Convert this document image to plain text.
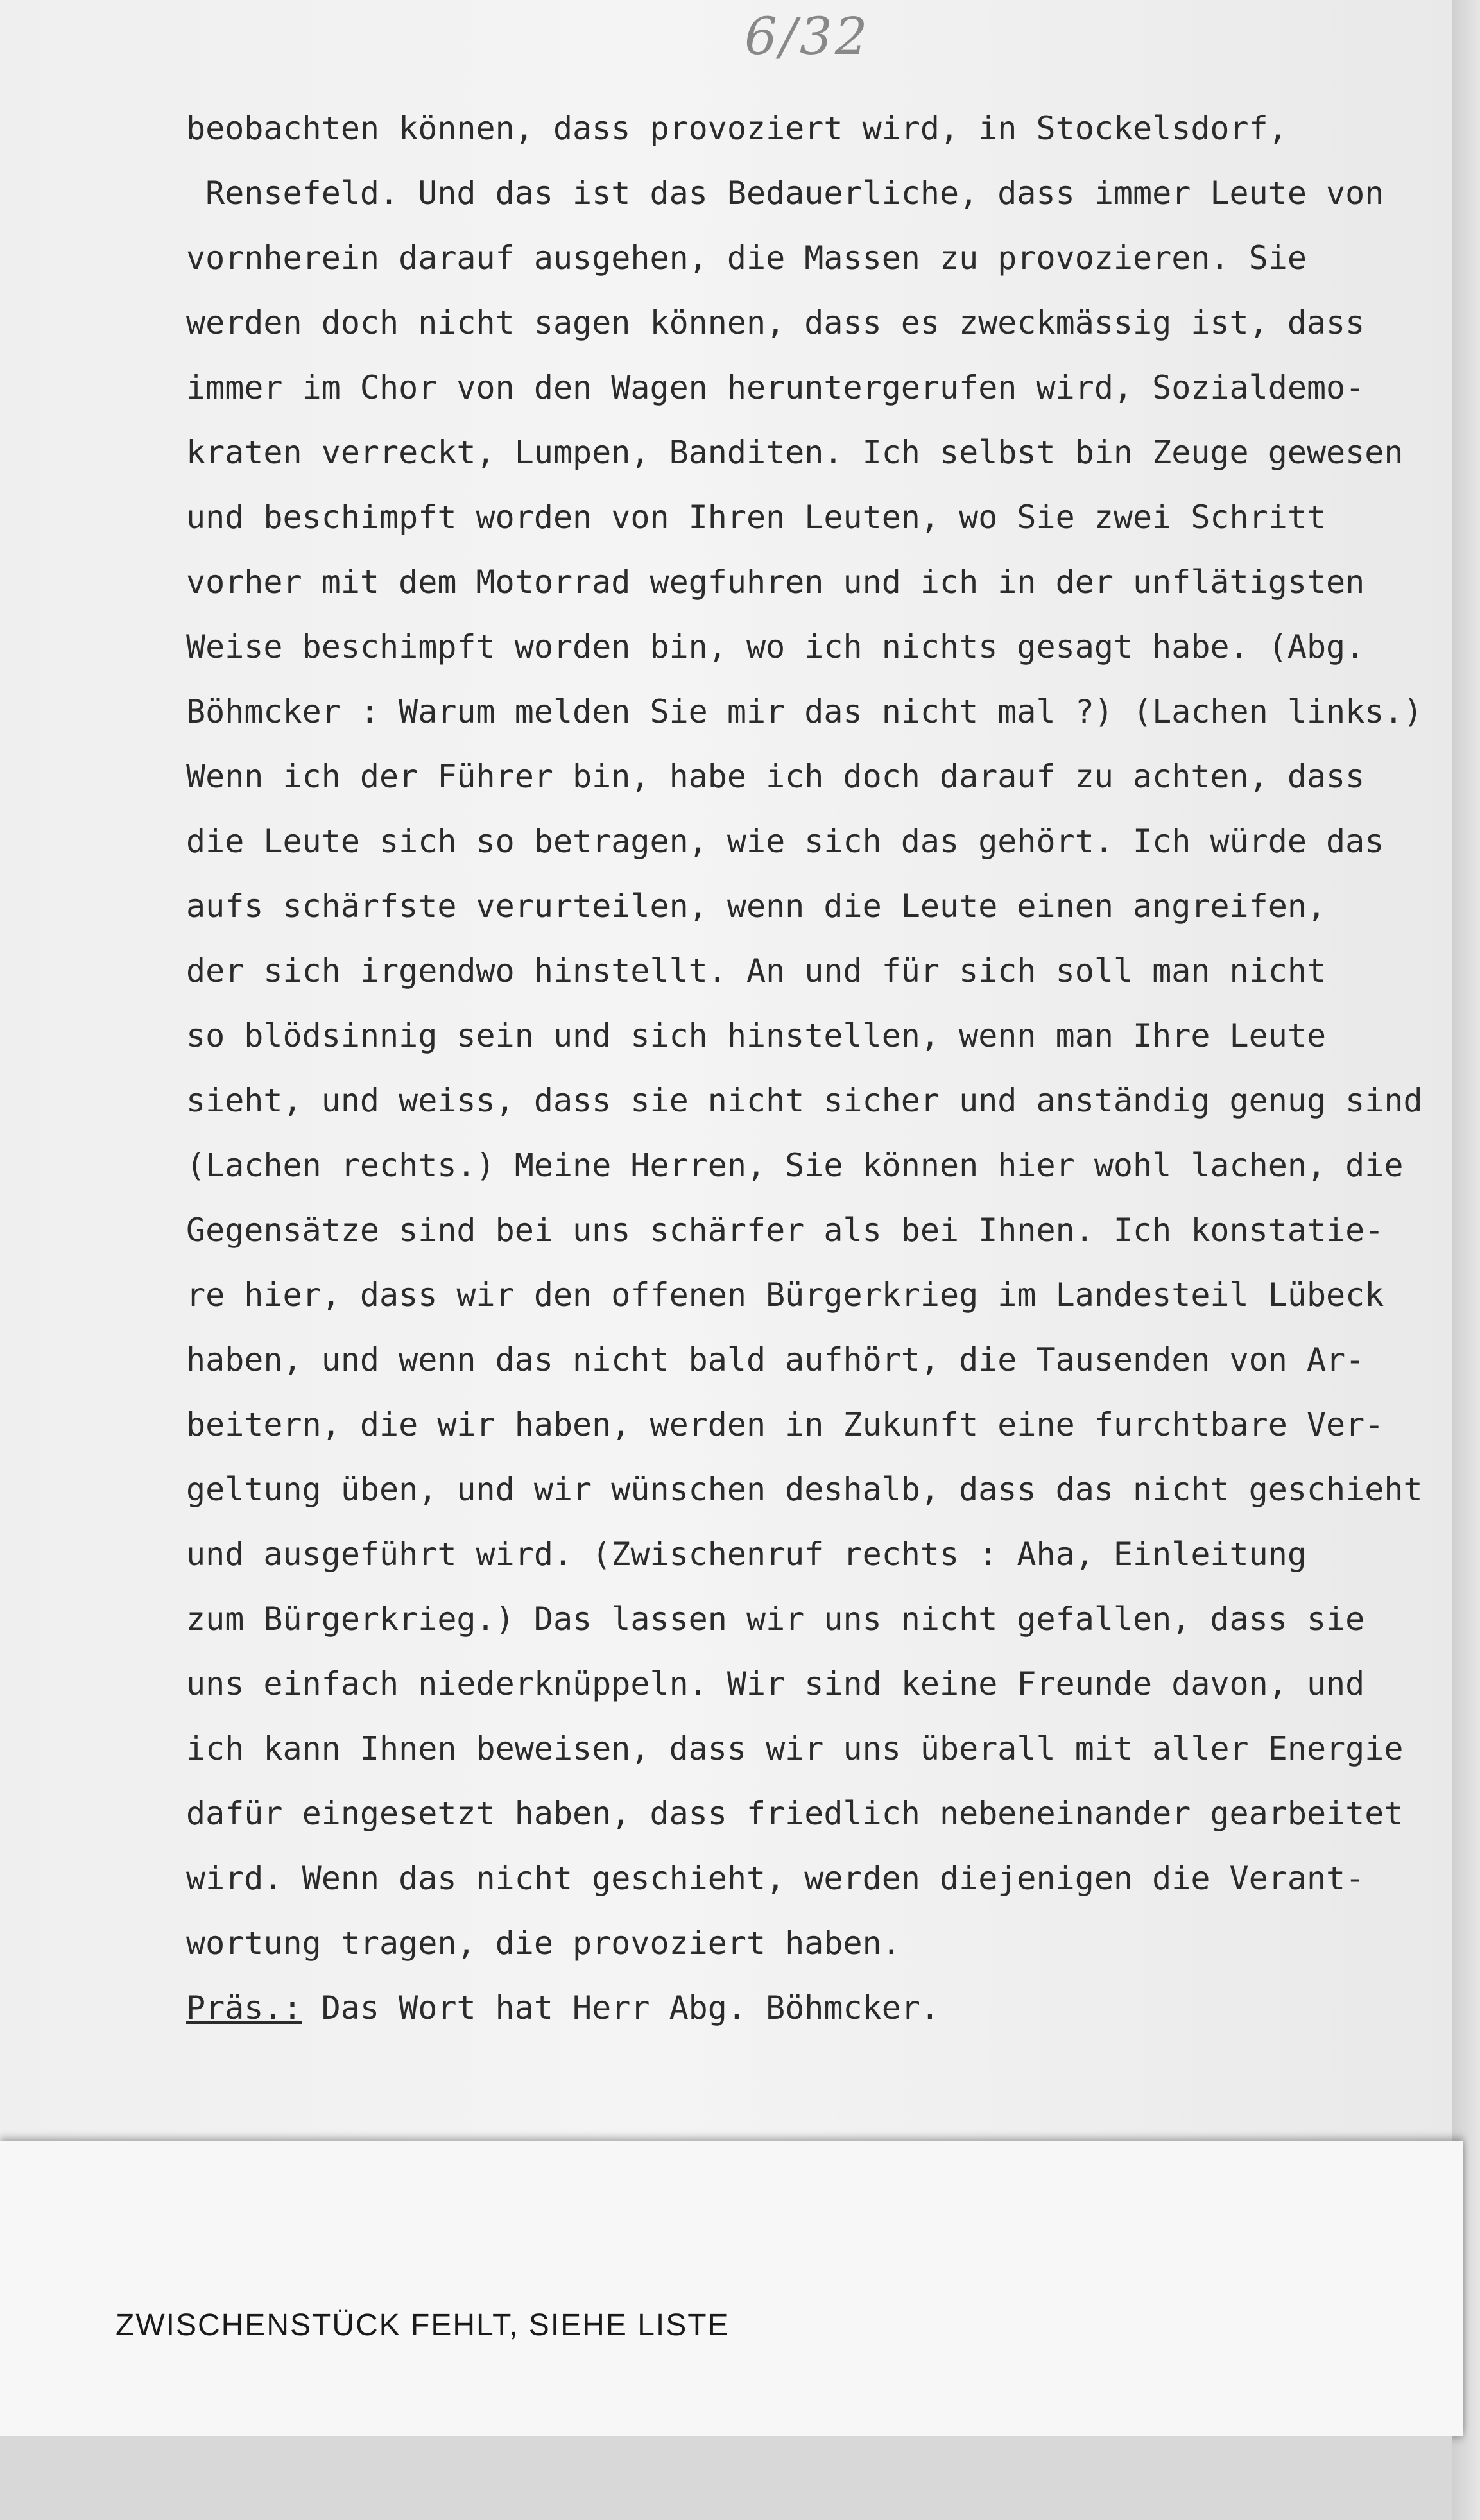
6/32
beobachten können, dass provoziert wird, in Stockelsdorf,
Rensefeld. Und das ist das Bedauerliche, dass immer Leute von
vornherein darauf ausgehen, die Massen zu provozieren. Sie
werden doch nicht sagen können, dass es zweckmässig ist, dass
immer im Chor von den Wagen heruntergerufen wird, Sozialdemo-
kraten verreckt, Lumpen, Banditen. Ich selbst bin Zeuge gewesen
und beschimpft worden von Ihren Leuten, wo Sie zwei Schritt
vorher mit dem Motorrad wegfuhren und ich in der unflätigsten
Weise beschimpft worden bin, wo ich nichts gesagt habe. (Abg.
Böhmcker : Warum melden Sie mir das nicht mal ?) (Lachen links.)
Wenn ich der Führer bin, habe ich doch darauf zu achten, dass
die Leute sich so betragen, wie sich das gehört. Ich würde das
aufs schärfste verurteilen, wenn die Leute einen angreifen,
der sich irgendwo hinstellt. An und für sich soll man nicht
so blödsinnig sein und sich hinstellen, wenn man Ihre Leute
sieht, und weiss, dass sie nicht sicher und anständig genug sind
(Lachen rechts.) Meine Herren, Sie können hier wohl lachen, die
Gegensätze sind bei uns schärfer als bei Ihnen. Ich konstatie-
re hier, dass wir den offenen Bürgerkrieg im Landesteil Lübeck
haben, und wenn das nicht bald aufhört, die Tausenden von Ar-
beitern, die wir haben, werden in Zukunft eine furchtbare Ver-
geltung üben, und wir wünschen deshalb, dass das nicht geschieht
und ausgeführt wird. (Zwischenruf rechts : Aha, Einleitung
zum Bürgerkrieg.) Das lassen wir uns nicht gefallen, dass sie
uns einfach niederknüppeln. Wir sind keine Freunde davon, und
ich kann Ihnen beweisen, dass wir uns überall mit aller Energie
dafür eingesetzt haben, dass friedlich nebeneinander gearbeitet
wird. Wenn das nicht geschieht, werden diejenigen die Verant-
wortung tragen, die provoziert haben.
Präs.: Das Wort hat Herr Abg. Böhmcker.
ZWISCHENSTÜCK FEHLT, SIEHE LISTE
